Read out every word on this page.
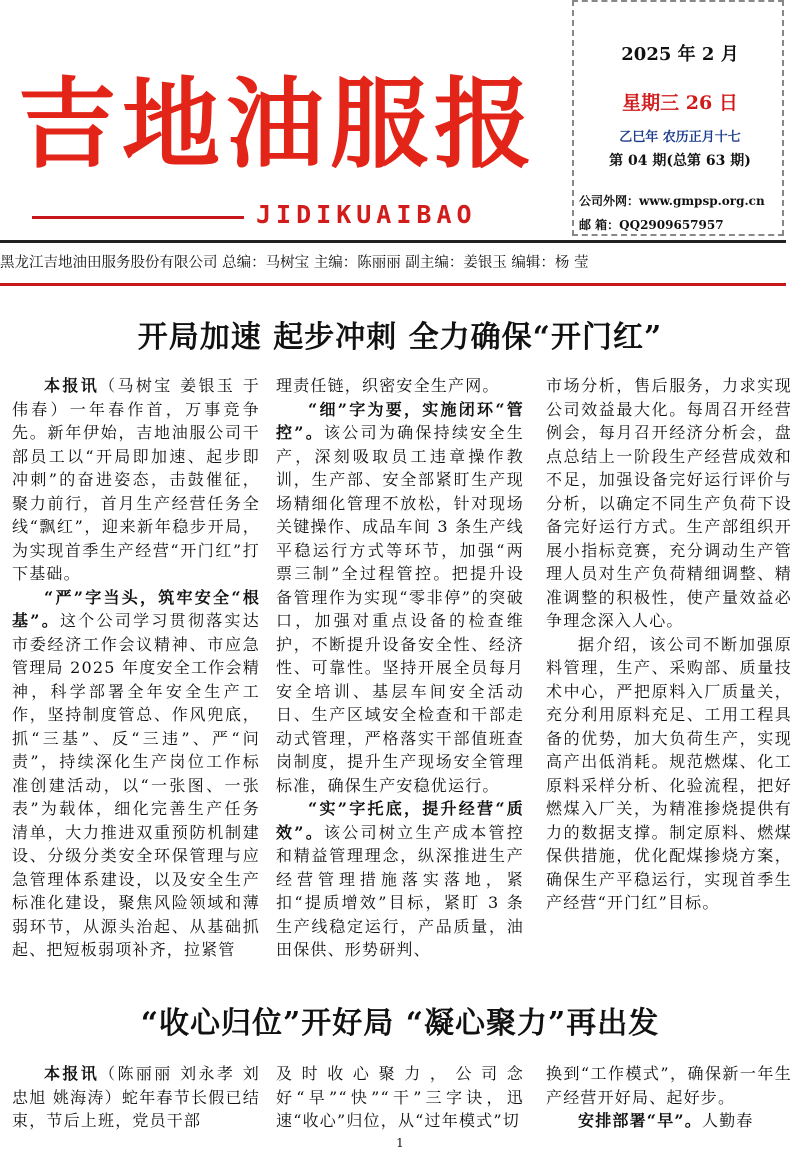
吉地油服报
JIDIKUAIBAO
2025 年 2 月
星期三 26 日
乙巳年 农历正月十七
第 04 期(总第 63 期)
公司外网：www.gmpsp.org.cn
邮 箱：QQ2909657957
黑龙江吉地油田服务股份有限公司 总编：马树宝 主编：陈丽丽 副主编：姜银玉 编辑：杨 莹
开局加速 起步冲刺 全力确保“开门红”

本报讯（马树宝 姜银玉 于伟春）一年春作首，万事竞争先。新年伊始，吉地油服公司干部员工以“开局即加速、起步即冲刺”的奋进姿态，击鼓催征，聚力前行，首月生产经营任务全线“飘红”，迎来新年稳步开局，为实现首季生产经营“开门红”打下基础。

“严”字当头，筑牢安全“根基”。这个公司学习贯彻落实达市委经济工作会议精神、市应急管理局 2025 年度安全工作会精神，科学部署全年安全生产工作，坚持制度管总、作风兜底，抓“三基”、反“三违”、严“问责”，持续深化生产岗位工作标准创建活动，以“一张图、一张表”为载体，细化完善生产任务清单，大力推进双重预防机制建设、分级分类安全环保管理与应急管理体系建设，以及安全生产标准化建设，聚焦风险领域和薄弱环节，从源头治起、从基础抓起、把短板弱项补齐，拉紧管

理责任链，织密安全生产网。

“细”字为要，实施闭环“管控”。该公司为确保持续安全生产，深刻吸取员工违章操作教训，生产部、安全部紧盯生产现场精细化管理不放松，针对现场关键操作、成品车间 3 条生产线平稳运行方式等环节，加强“两票三制”全过程管控。把提升设备管理作为实现“零非停”的突破口，加强对重点设备的检查维护，不断提升设备安全性、经济性、可靠性。坚持开展全员每月安全培训、基层车间安全活动日、生产区域安全检查和干部走动式管理，严格落实干部值班查岗制度，提升生产现场安全管理标准，确保生产安稳优运行。

“实”字托底，提升经营“质效”。该公司树立生产成本管控和精益管理理念，纵深推进生产经营管理措施落实落地，紧扣“提质增效”目标，紧盯 3 条生产线稳定运行，产品质量，油田保供、形势研判、

市场分析，售后服务，力求实现公司效益最大化。每周召开经营例会，每月召开经济分析会，盘点总结上一阶段生产经营成效和不足，加强设备完好运行评价与分析，以确定不同生产负荷下设备完好运行方式。生产部组织开展小指标竞赛，充分调动生产管理人员对生产负荷精细调整、精准调整的积极性，使产量效益必争理念深入人心。

据介绍，该公司不断加强原料管理，生产、采购部、质量技术中心，严把原料入厂质量关，充分利用原料充足、工用工程具备的优势，加大负荷生产，实现高产出低消耗。规范燃煤、化工原料采样分析、化验流程，把好燃煤入厂关，为精准掺烧提供有力的数据支撑。制定原料、燃煤保供措施，优化配煤掺烧方案，确保生产平稳运行，实现首季生产经营“开门红”目标。

“收心归位”开好局 “凝心聚力”再出发

本报讯（陈丽丽 刘永孝 刘忠旭 姚海涛）蛇年春节长假已结束，节后上班，党员干部

及时收心聚力，公司念好“早”“快”“干”三字诀，迅速“收心”归位，从“过年模式”切

换到“工作模式”，确保新一年生产经营开好局、起好步。

安排部署“早”。人勤春

1
